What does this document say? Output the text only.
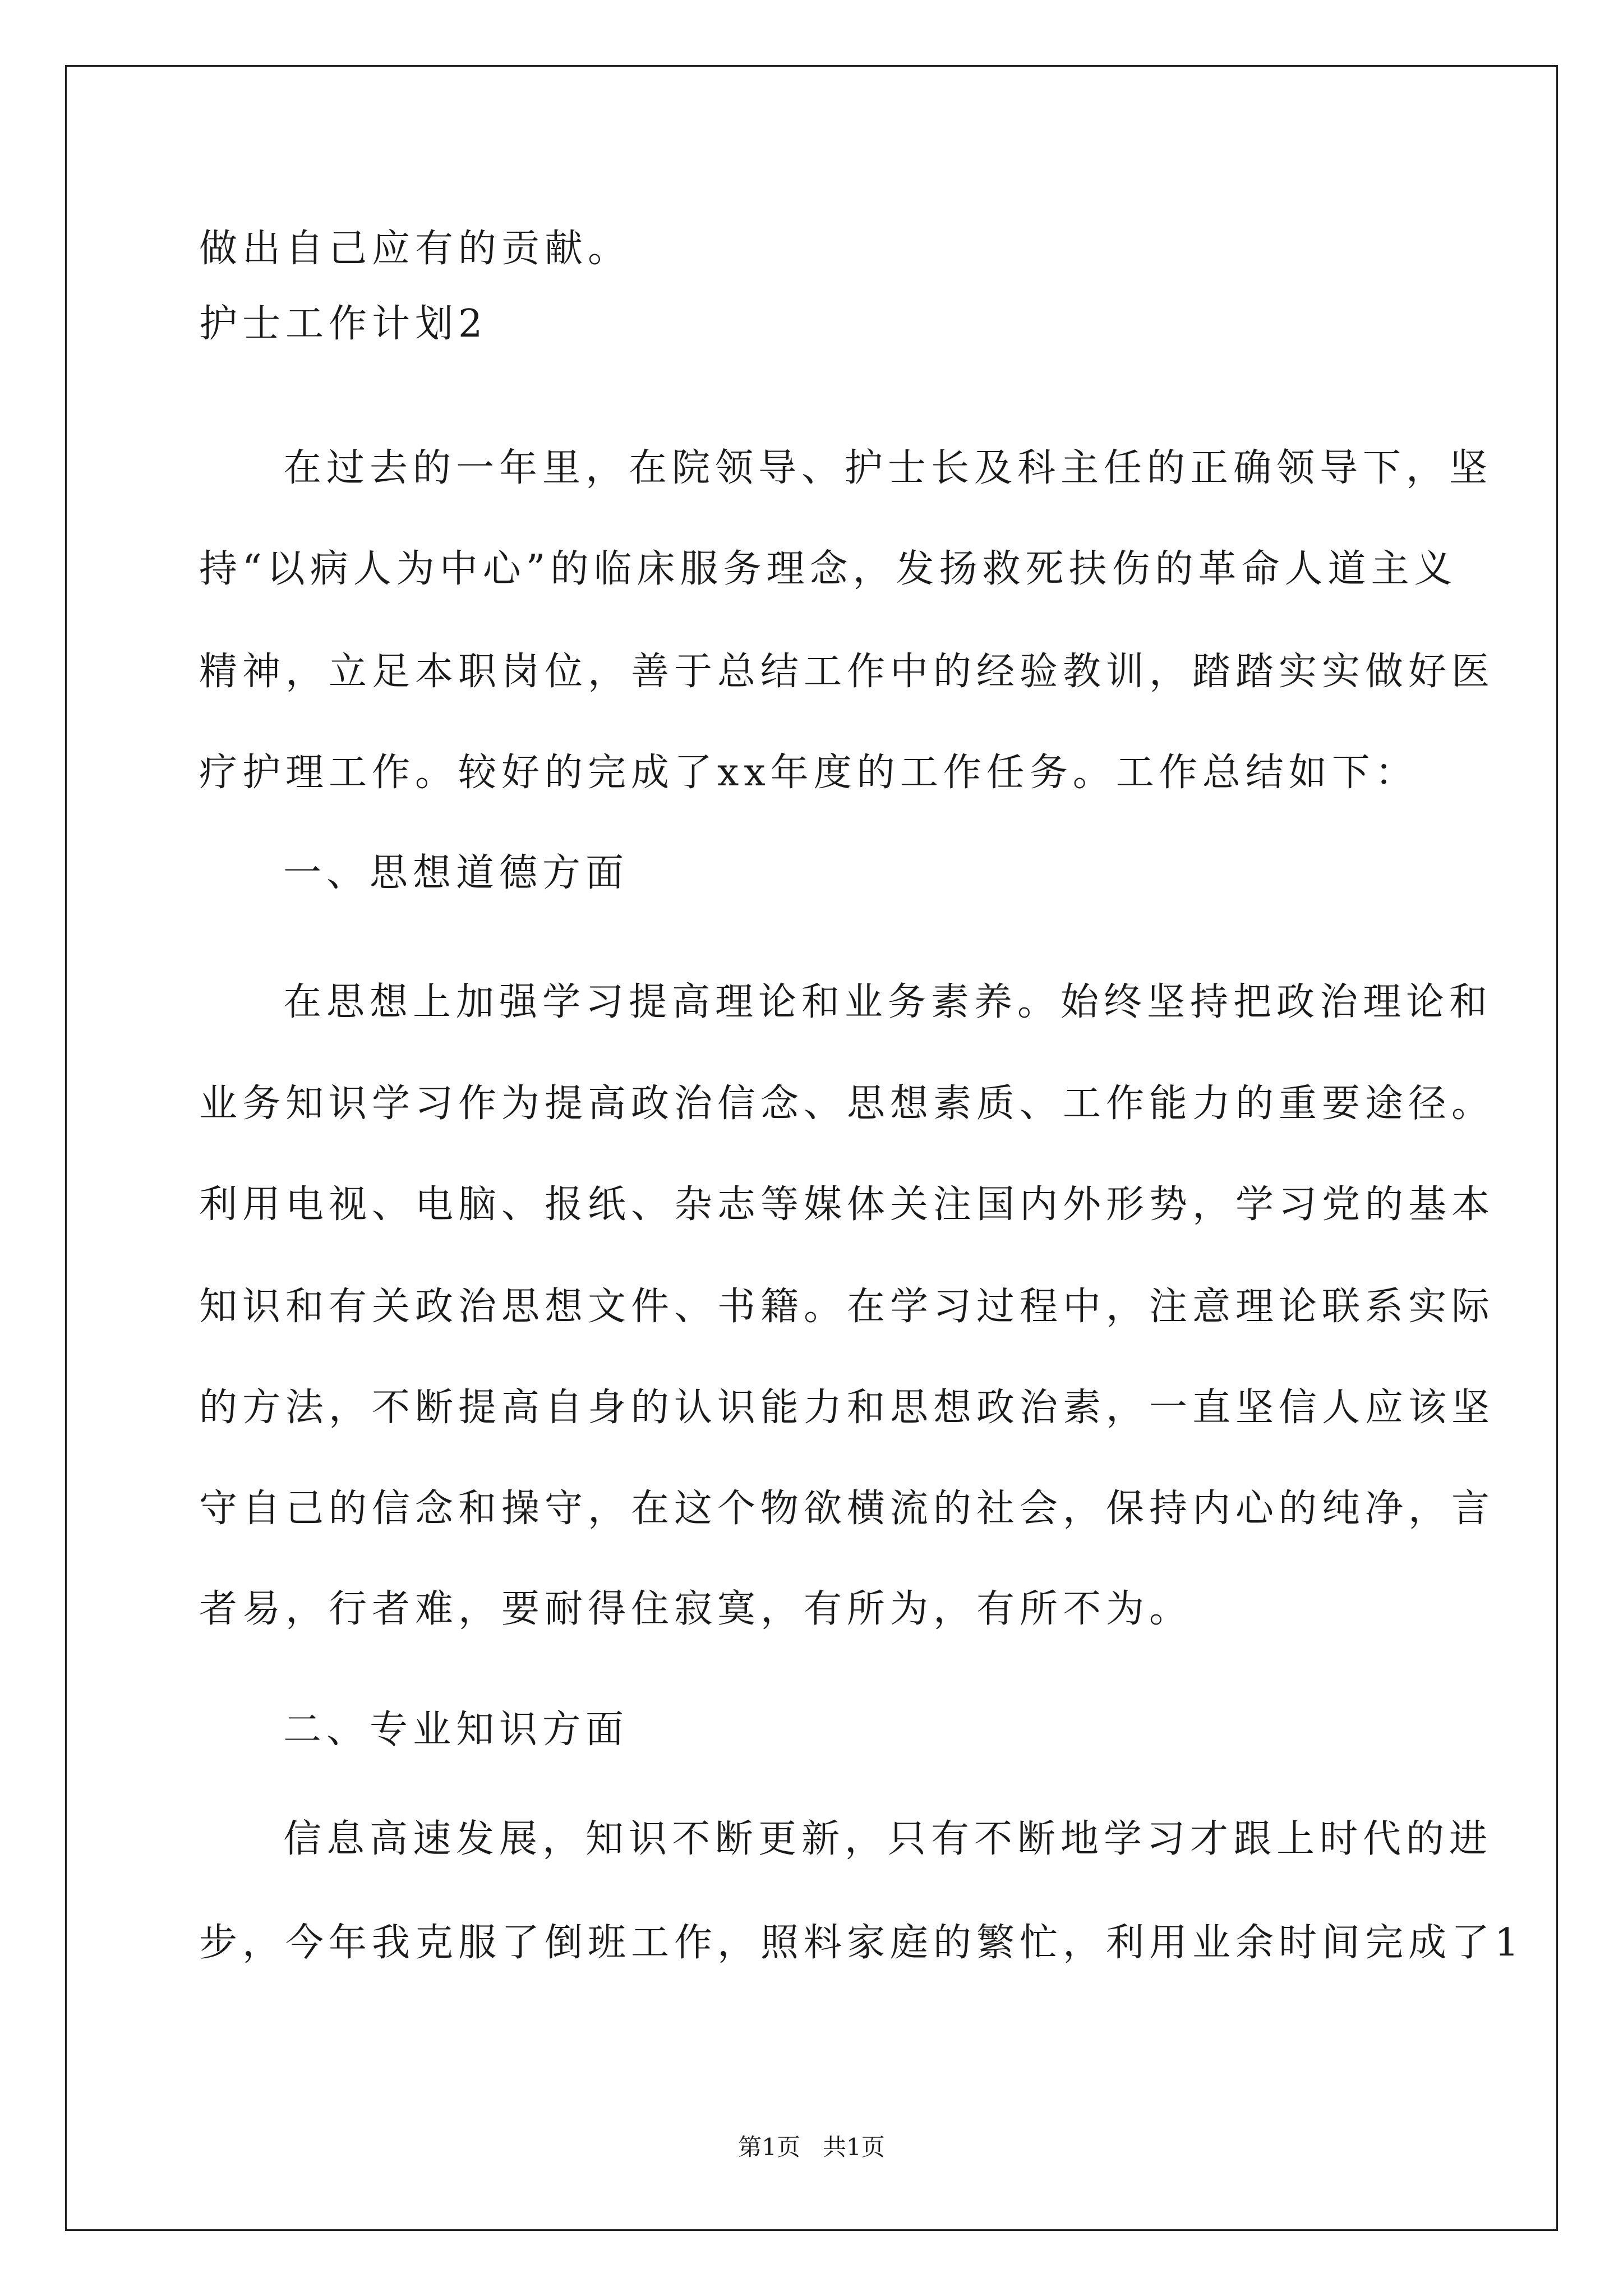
做出自己应有的贡献。
护士工作计划2
在过去的一年里，在院领导、护士长及科主任的正确领导下，坚
持“以病人为中心”的临床服务理念，发扬救死扶伤的革命人道主义
精神，立足本职岗位，善于总结工作中的经验教训，踏踏实实做好医
疗护理工作。较好的完成了xx年度的工作任务。工作总结如下：
一、思想道德方面
在思想上加强学习提高理论和业务素养。始终坚持把政治理论和
业务知识学习作为提高政治信念、思想素质、工作能力的重要途径。
利用电视、电脑、报纸、杂志等媒体关注国内外形势，学习党的基本
知识和有关政治思想文件、书籍。在学习过程中，注意理论联系实际
的方法，不断提高自身的认识能力和思想政治素，一直坚信人应该坚
守自己的信念和操守，在这个物欲横流的社会，保持内心的纯净，言
者易，行者难，要耐得住寂寞，有所为，有所不为。
二、专业知识方面
信息高速发展，知识不断更新，只有不断地学习才跟上时代的进
步，今年我克服了倒班工作，照料家庭的繁忙，利用业余时间完成了1
第1页   共1页
